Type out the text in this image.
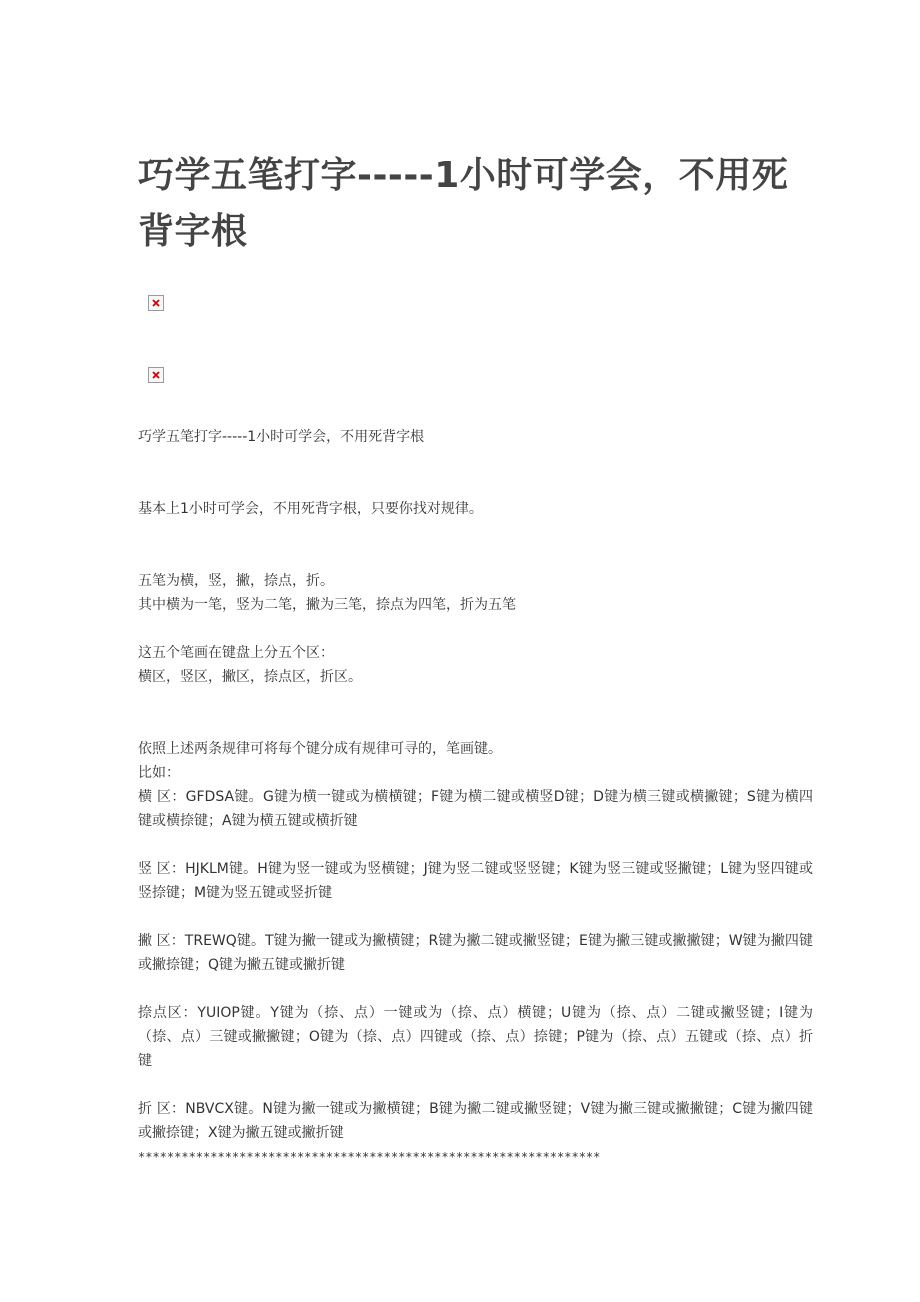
巧学五笔打字-----1小时可学会，不用死背字根

巧学五笔打字-----1小时可学会，不用死背字根

基本上1小时可学会，不用死背字根，只要你找对规律。

五笔为横，竖，撇，捺点，折。

其中横为一笔，竖为二笔，撇为三笔，捺点为四笔，折为五笔

这五个笔画在键盘上分五个区：

横区，竖区，撇区，捺点区，折区。

依照上述两条规律可将每个键分成有规律可寻的，笔画键。

比如：

横 区：GFDSA键。G键为横一键或为横横键；F键为横二键或横竖D键；D键为横三键或横撇键；S键为横四键或横捺键；A键为横五键或横折键

竖 区：HJKLM键。H键为竖一键或为竖横键；J键为竖二键或竖竖键；K键为竖三键或竖撇键；L键为竖四键或竖捺键；M键为竖五键或竖折键

撇 区：TREWQ键。T键为撇一键或为撇横键；R键为撇二键或撇竖键；E键为撇三键或撇撇键；W键为撇四键或撇捺键；Q键为撇五键或撇折键

捺点区：YUIOP键。Y键为（捺、点）一键或为（捺、点）横键；U键为（捺、点）二键或撇竖键；I键为（捺、点）三键或撇撇键；O键为（捺、点）四键或（捺、点）捺键；P键为（捺、点）五键或（捺、点）折键

折 区：NBVCX键。N键为撇一键或为撇横键；B键为撇二键或撇竖键；V键为撇三键或撇撇键；C键为撇四键或撇捺键；X键为撇五键或撇折键

****************************************************************
